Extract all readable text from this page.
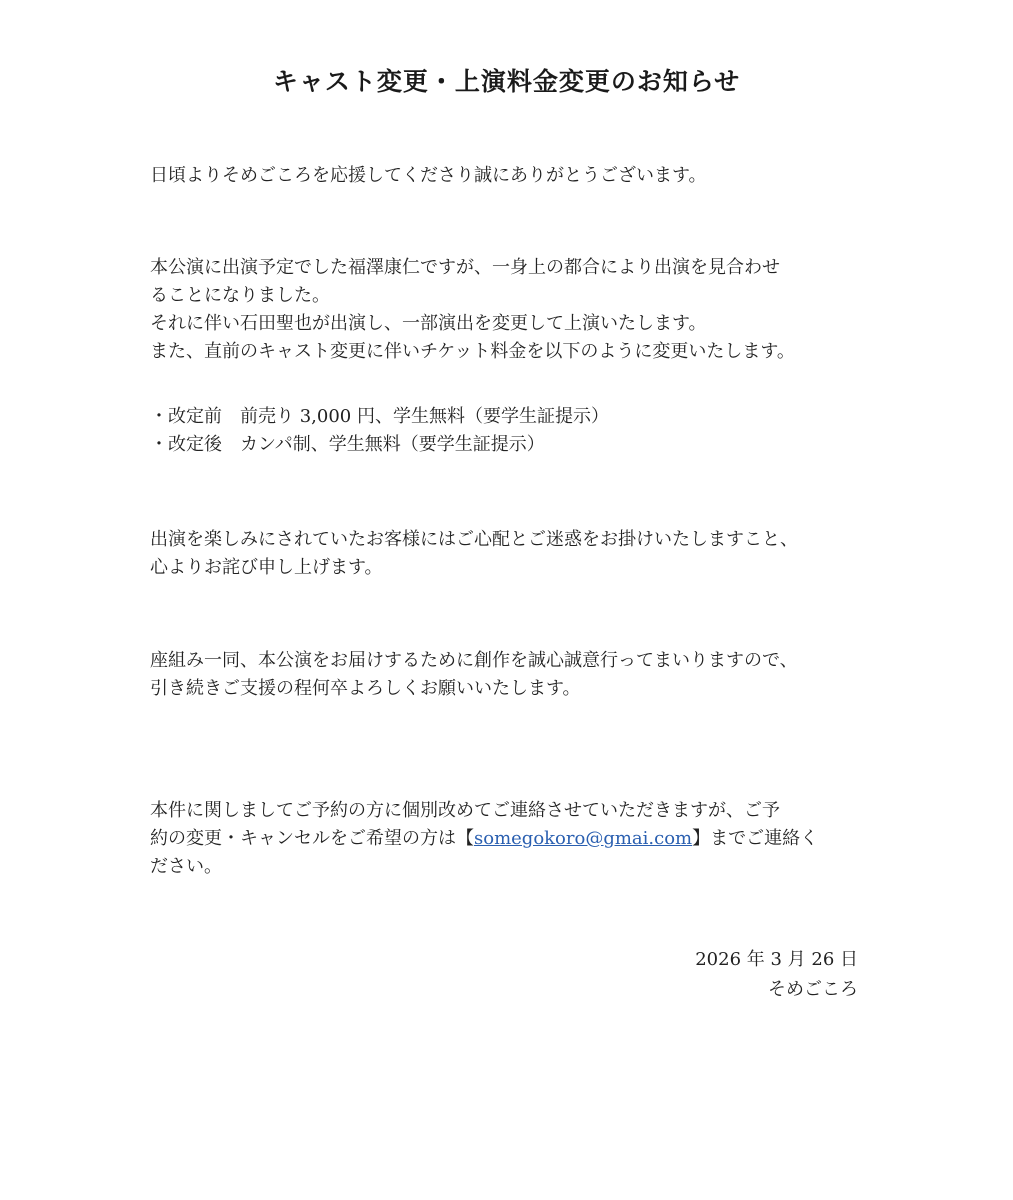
キャスト変更・上演料金変更のお知らせ
日頃よりそめごころを応援してくださり誠にありがとうございます。
本公演に出演予定でした福澤康仁ですが、一身上の都合により出演を見合わせ
ることになりました。
それに伴い石田聖也が出演し、一部演出を変更して上演いたします。
また、直前のキャスト変更に伴いチケット料金を以下のように変更いたします。
・改定前　前売り 3,000 円、学生無料（要学生証提示）
・改定後　カンパ制、学生無料（要学生証提示）
出演を楽しみにされていたお客様にはご心配とご迷惑をお掛けいたしますこと、
心よりお詫び申し上げます。
座組み一同、本公演をお届けするために創作を誠心誠意行ってまいりますので、
引き続きご支援の程何卒よろしくお願いいたします。
本件に関しましてご予約の方に個別改めてご連絡させていただきますが、ご予
約の変更・キャンセルをご希望の方は【somegokoro@gmai.com】までご連絡く
ださい。
2026 年 3 月 26 日
そめごころ
